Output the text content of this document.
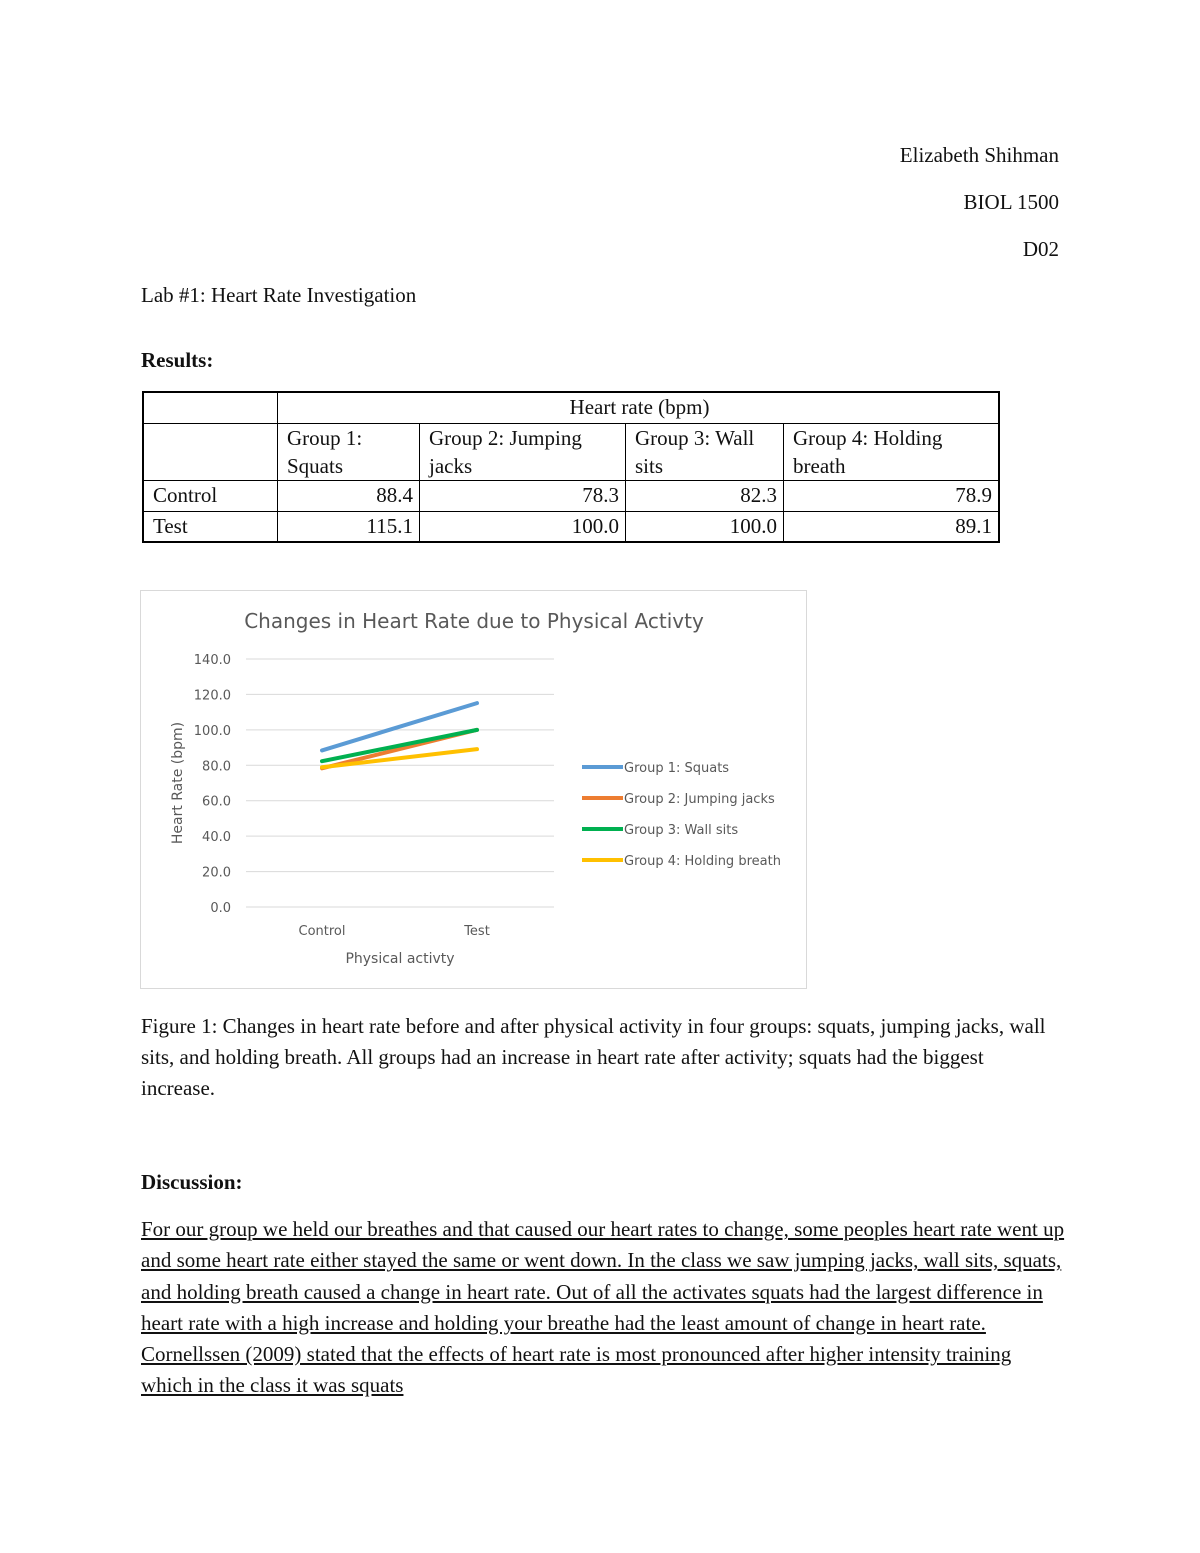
Elizabeth Shihman
BIOL 1500
D02
Lab #1: Heart Rate Investigation
Results:
	Heart rate (bpm)			
	Group 1: Squats	Group 2: Jumping jacks	Group 3: Wall sits	Group 4: Holding breath
Control	88.4	78.3	82.3	78.9
Test	115.1	100.0	100.0	89.1
Changes in Heart Rate due to Physical Activty
0.0
20.0
40.0
60.0
80.0
100.0
120.0
140.0
Control	Test
Physical activty
Heart Rate (bpm)	Group 1: Squats
Group 2: Jumping jacks
Group 3: Wall sits
Group 4: Holding breath
Figure 1: Changes in heart rate before and after physical activity in four groups: squats, jumping jacks, wall sits, and holding breath. All groups had an increase in heart rate after activity; squats had the biggest increase.
Discussion:
For our group we held our breathes and that caused our heart rates to change, some peoples heart rate went up and some heart rate either stayed the same or went down. In the class we saw jumping jacks, wall sits, squats, and holding breath caused a change in heart rate. Out of all the activates squats had the largest difference in heart rate with a high increase and holding your breathe had the least amount of change in heart rate. Cornellssen (2009) stated that the effects of heart rate is most pronounced after higher intensity training which in the class it was squats
